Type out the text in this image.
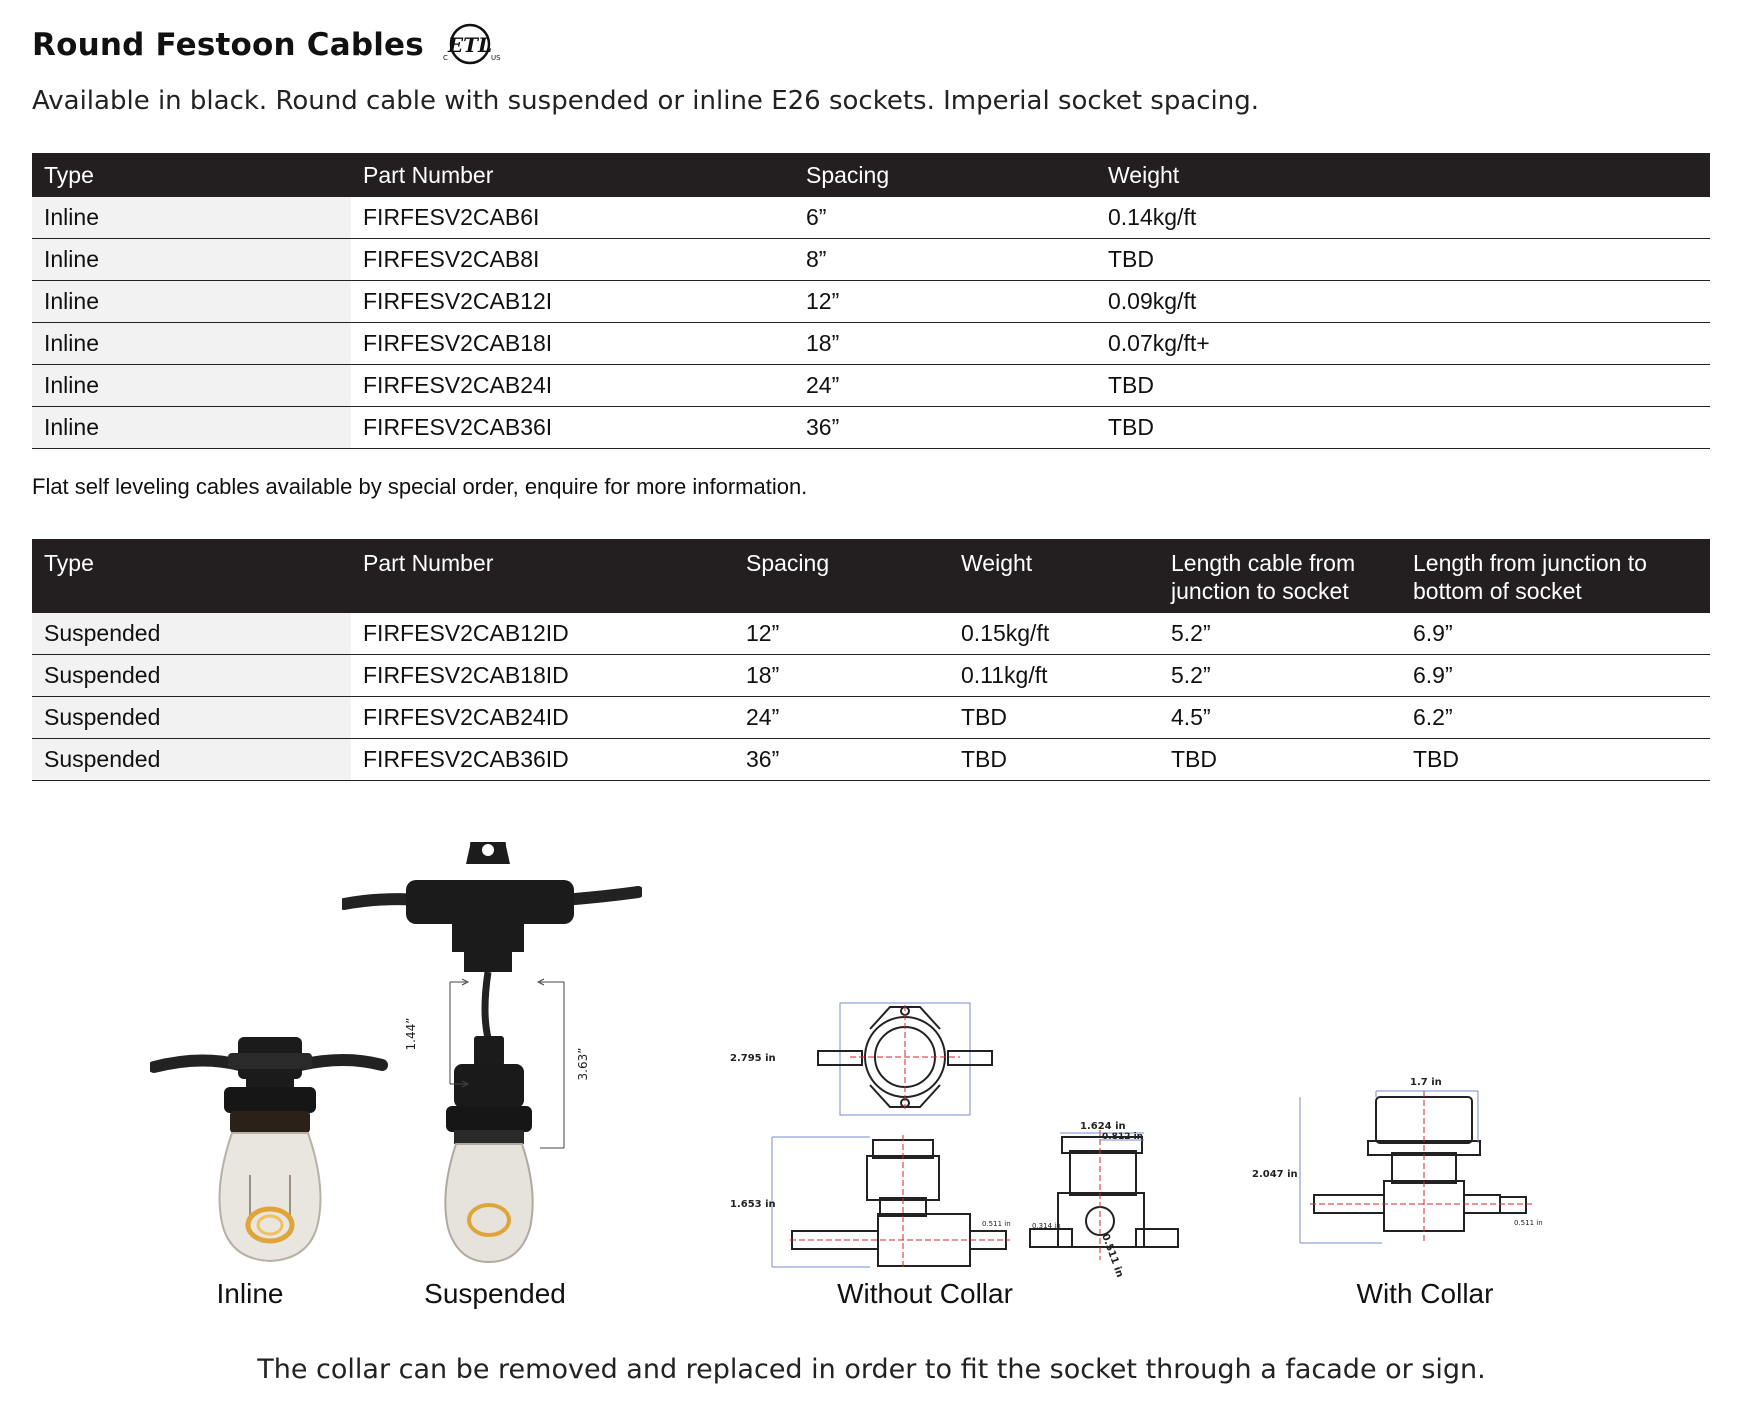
Round Festoon Cables ETL
C	US
Available in black. Round cable with suspended or inline E26 sockets. Imperial socket spacing.
Type	Part Number	Spacing	Weight
Inline	FIRFESV2CAB6I	6”	0.14kg/ft
Inline	FIRFESV2CAB8I	8”	TBD
Inline	FIRFESV2CAB12I	12”	0.09kg/ft
Inline	FIRFESV2CAB18I	18”	0.07kg/ft+
Inline	FIRFESV2CAB24I	24”	TBD
Inline	FIRFESV2CAB36I	36”	TBD
Flat self leveling cables available by special order, enquire for more information.
Type	Part Number	Spacing	Weight	Length cable from junction to socket	Length from junction to bottom of socket
Suspended	FIRFESV2CAB12ID	12”	0.15kg/ft	5.2”	6.9”
Suspended	FIRFESV2CAB18ID	18”	0.11kg/ft	5.2”	6.9”
Suspended	FIRFESV2CAB24ID	24”	TBD	4.5”	6.2”
Suspended	FIRFESV2CAB36ID	36”	TBD	TBD	TBD
1.44”
3.63”	2.795 in
1.653 in
0.511 in
1.624 in
0.812 in
0.314 in
0.511 in
1.7 in
2.047 in
0.511 in
Inline	Suspended	Without Collar	With Collar
The collar can be removed and replaced in order to fit the socket through a facade or sign.
